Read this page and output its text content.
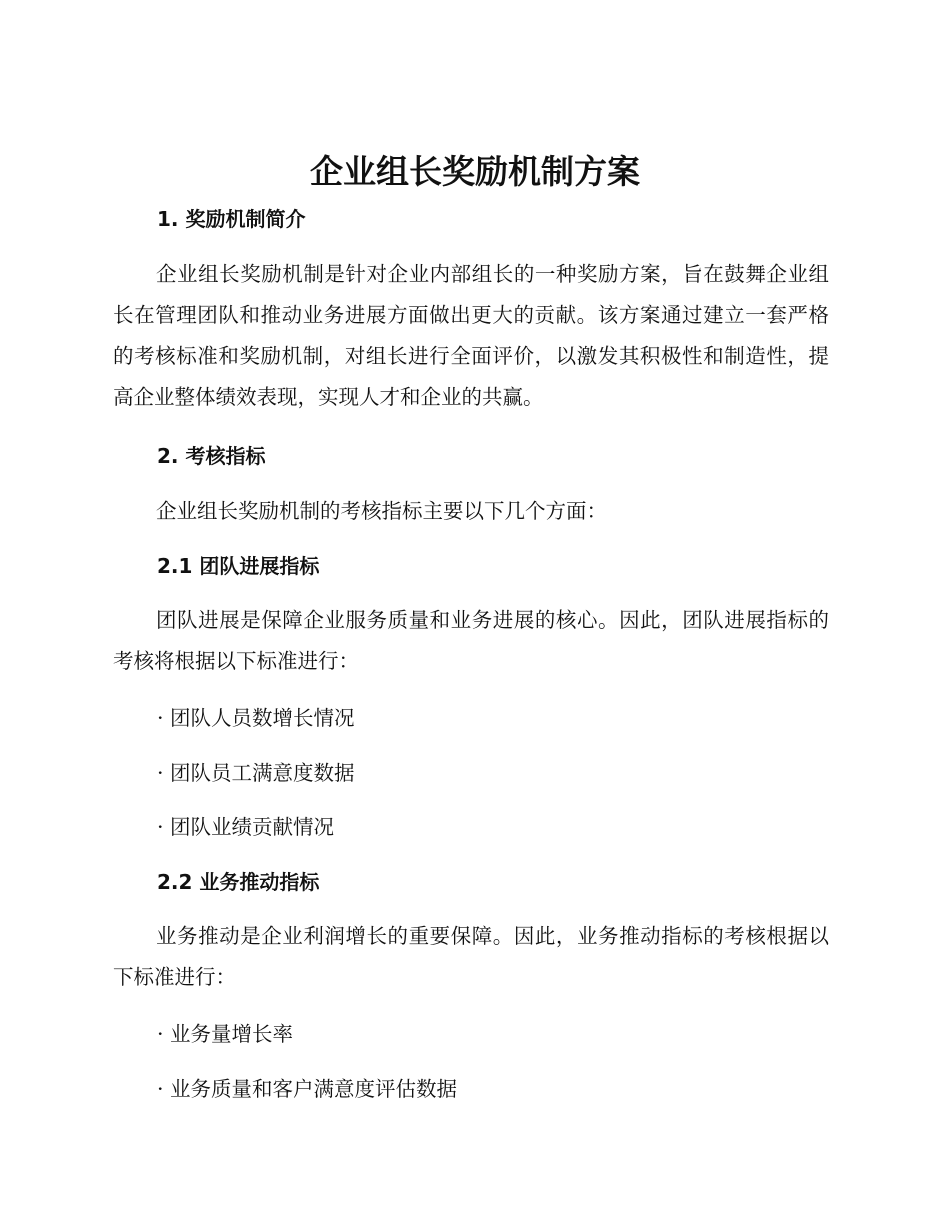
企业组长奖励机制方案
1. 奖励机制简介

企业组长奖励机制是针对企业内部组长的一种奖励方案，旨在鼓舞企业组长在管理团队和推动业务进展方面做出更大的贡献。该方案通过建立一套严格的考核标准和奖励机制，对组长进行全面评价，以激发其积极性和制造性，提高企业整体绩效表现，实现人才和企业的共赢。

2. 考核指标

企业组长奖励机制的考核指标主要以下几个方面：

2.1 团队进展指标

团队进展是保障企业服务质量和业务进展的核心。因此，团队进展指标的考核将根据以下标准进行：

· 团队人员数增长情况

· 团队员工满意度数据

· 团队业绩贡献情况

2.2 业务推动指标

业务推动是企业利润增长的重要保障。因此，业务推动指标的考核根据以下标准进行：

· 业务量增长率

· 业务质量和客户满意度评估数据
